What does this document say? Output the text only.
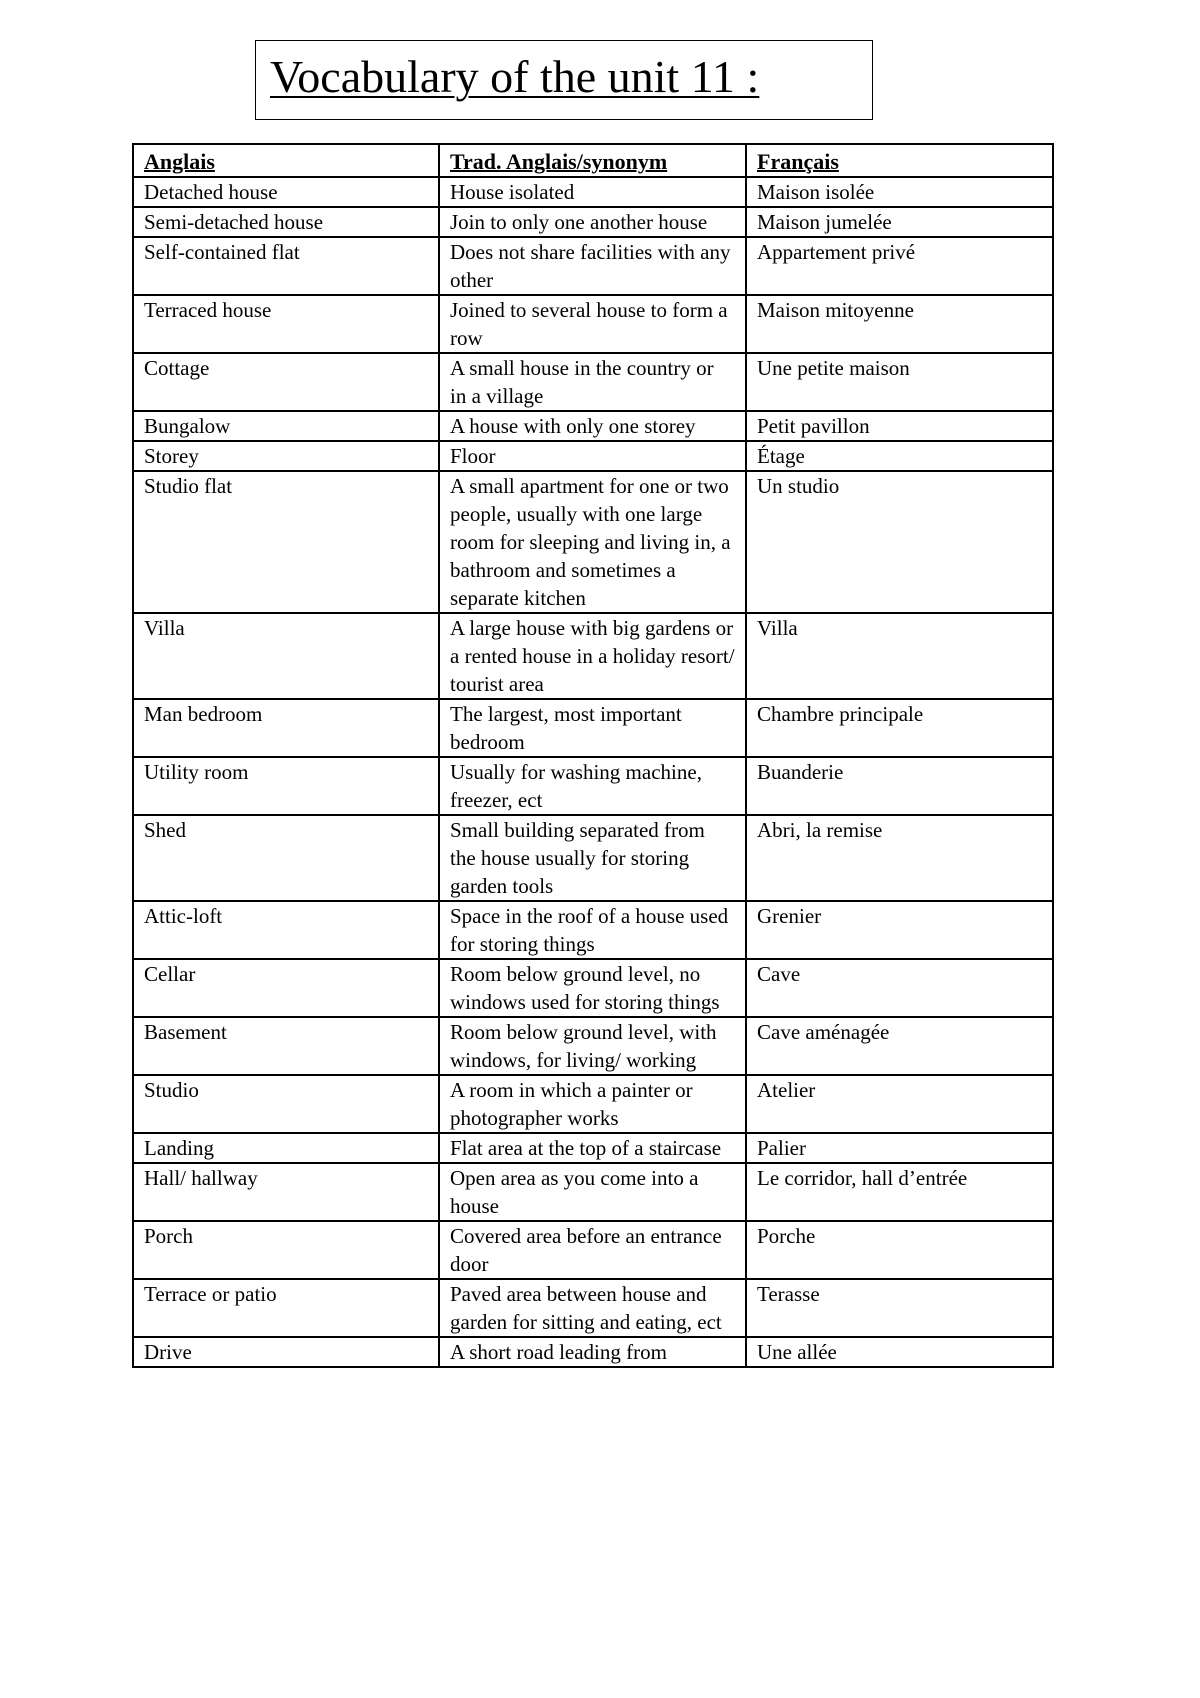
Vocabulary of the unit 11 :
Anglais	Trad. Anglais/synonym	Français
Detached house	House isolated	Maison isolée
Semi-detached house	Join to only one another house	Maison jumelée
Self-contained flat	Does not share facilities with any other	Appartement privé
Terraced house	Joined to several house to form a row	Maison mitoyenne
Cottage	A small house in the country or in a village	Une petite maison
Bungalow	A house with only one storey	Petit pavillon
Storey	Floor	Étage
Studio flat	A small apartment for one or two people, usually with one large room for sleeping and living in, a bathroom and sometimes a separate kitchen	Un studio
Villa	A large house with big gardens or a rented house in a holiday resort/ tourist area	Villa
Man bedroom	The largest, most important bedroom	Chambre principale
Utility room	Usually for washing machine, freezer, ect	Buanderie
Shed	Small building separated from the house usually for storing garden tools	Abri, la remise
Attic-loft	Space in the roof of a house used for storing things	Grenier
Cellar	Room below ground level, no windows used for storing things	Cave
Basement	Room below ground level, with windows, for living/ working	Cave aménagée
Studio	A room in which a painter or photographer works	Atelier
Landing	Flat area at the top of a staircase	Palier
Hall/ hallway	Open area as you come into a house	Le corridor, hall d’entrée
Porch	Covered area before an entrance door	Porche
Terrace or patio	Paved area between house and garden for sitting and eating, ect	Terasse
Drive	A short road leading from	Une allée
